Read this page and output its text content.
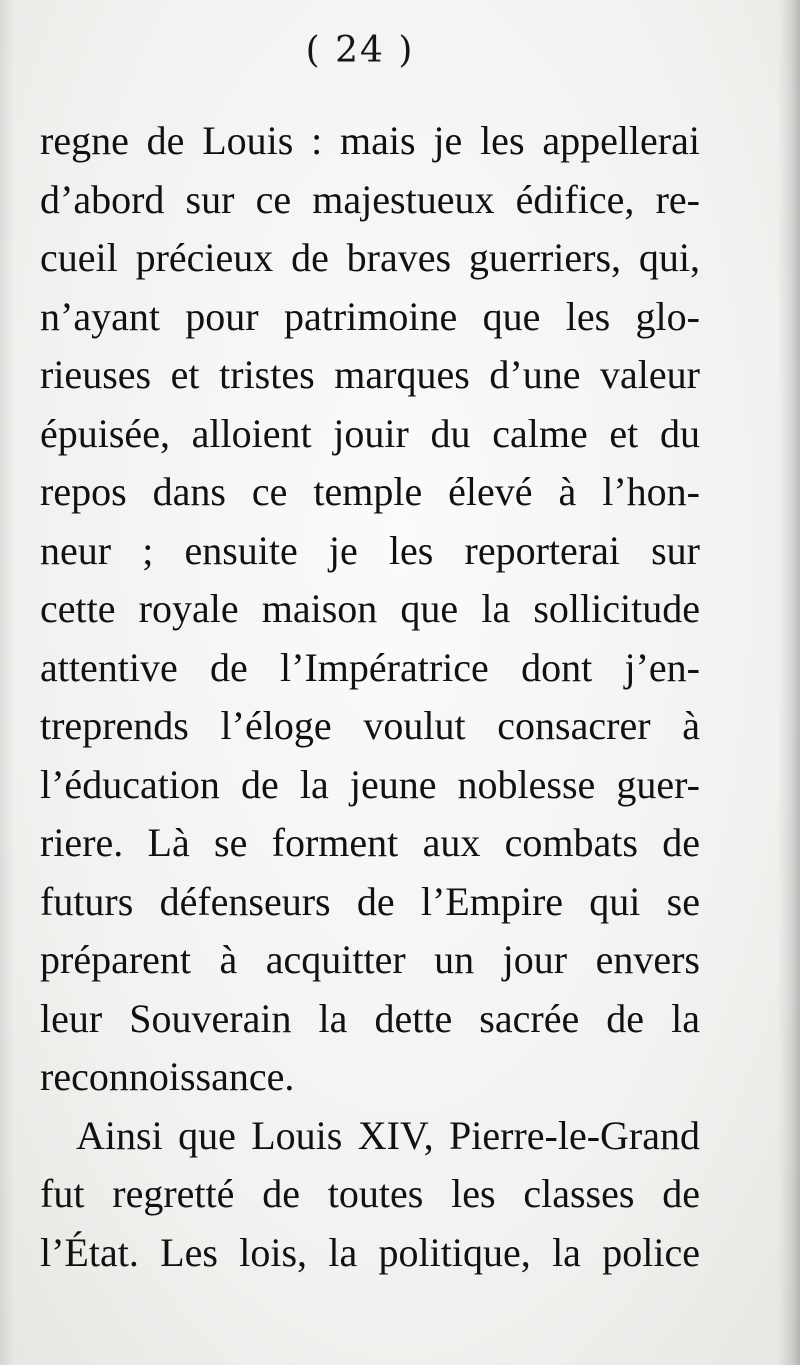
( 24 )
regne de Louis : mais je les appellerai
d’abord sur ce majestueux édifice, re-
cueil précieux de braves guerriers, qui,
n’ayant pour patrimoine que les glo-
rieuses et tristes marques d’une valeur
épuisée, alloient jouir du calme et du
repos dans ce temple élevé à l’hon-
neur ; ensuite je les reporterai sur
cette royale maison que la sollicitude
attentive de l’Impératrice dont j’en-
treprends l’éloge voulut consacrer à
l’éducation de la jeune noblesse guer-
riere. Là se forment aux combats de
futurs défenseurs de l’Empire qui se
préparent à acquitter un jour envers
leur Souverain la dette sacrée de la
reconnoissance.
Ainsi que Louis XIV, Pierre-le-Grand
fut regretté de toutes les classes de
l’État. Les lois, la politique, la police
